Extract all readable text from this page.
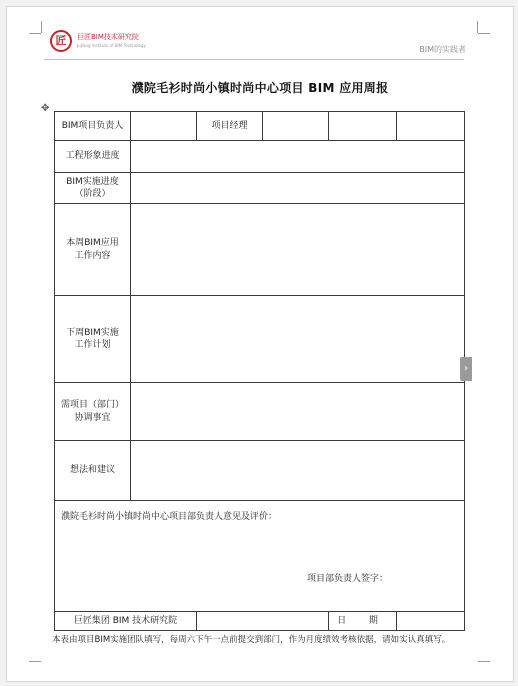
匠	巨匠BIM技术研究院
JuJiang Institute of BIM Technology	BIM的实践者
濮院毛衫时尚小镇时尚中心项目 BIM 应用周报
✥
BIM项目负责人		项目经理			
工程形象进度					

BIM实施进度
（阶段）					

本周BIM应用
工作内容					

下周BIM实施
工作计划					

需项目（部门）
协调事宜					

想法和建议					

濮院毛衫时尚小镇时尚中心项目部负责人意见及评价：
项目部负责人签字：					

巨匠集团 BIM 技术研究院				日 期	
本表由项目BIM实施团队填写，每周六下午一点前提交到部门，作为月度绩效考核依据，请如实认真填写。
›
